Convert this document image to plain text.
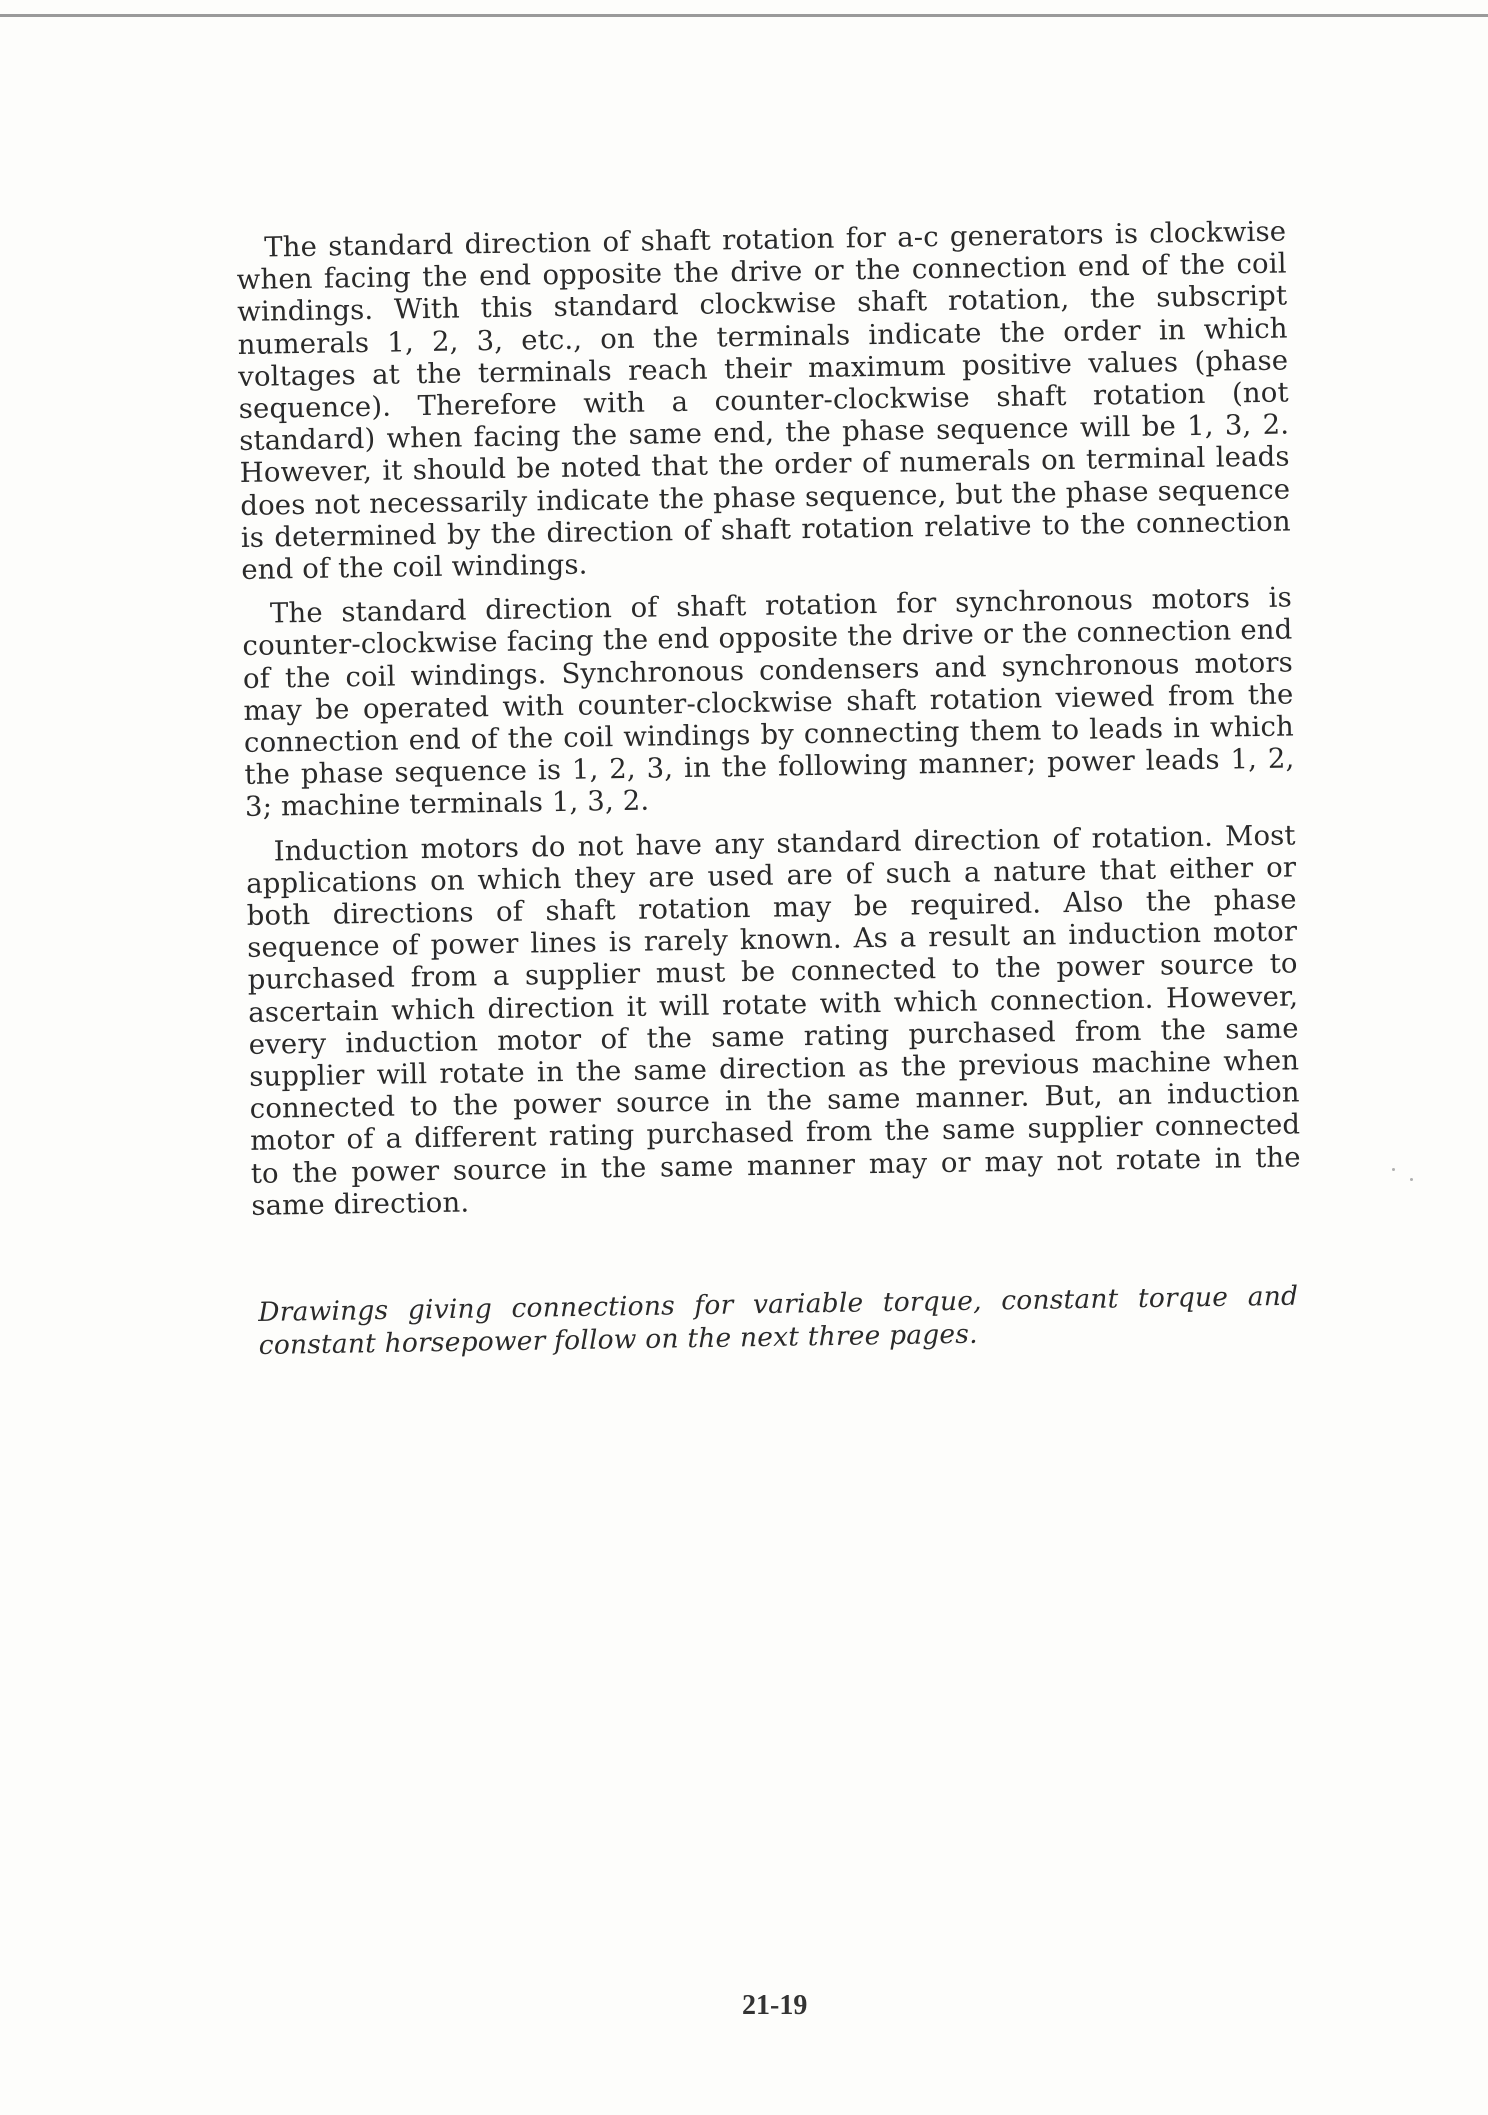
The standard direction of shaft rotation for a-c generators is clockwise when facing the end opposite the drive or the connection end of the coil windings. With this standard clockwise shaft rotation, the subscript numerals 1, 2, 3, etc., on the terminals indicate the order in which voltages at the terminals reach their maximum positive values (phase sequence). Therefore with a counter-clockwise shaft rotation (not standard) when facing the same end, the phase sequence will be 1, 3, 2. However, it should be noted that the order of numerals on terminal leads does not necessarily indicate the phase sequence, but the phase sequence is determined by the direction of shaft rotation relative to the connection end of the coil windings.

The standard direction of shaft rotation for synchronous motors is counter-clockwise facing the end opposite the drive or the connection end of the coil windings. Synchronous condensers and synchronous motors may be operated with counter-clockwise shaft rotation viewed from the connection end of the coil windings by connecting them to leads in which the phase sequence is 1, 2, 3, in the following manner; power leads 1, 2, 3; machine terminals 1, 3, 2.

Induction motors do not have any standard direction of rotation. Most applications on which they are used are of such a nature that either or both directions of shaft rotation may be required. Also the phase sequence of power lines is rarely known. As a result an induction motor purchased from a supplier must be connected to the power source to ascertain which direction it will rotate with which connection. However, every induction motor of the same rating purchased from the same supplier will rotate in the same direction as the previous machine when connected to the power source in the same manner. But, an induction motor of a different rating purchased from the same supplier connected to the power source in the same manner may or may not rotate in the same direction.

Drawings giving connections for variable torque, constant torque and constant horsepower follow on the next three pages.

21-19
